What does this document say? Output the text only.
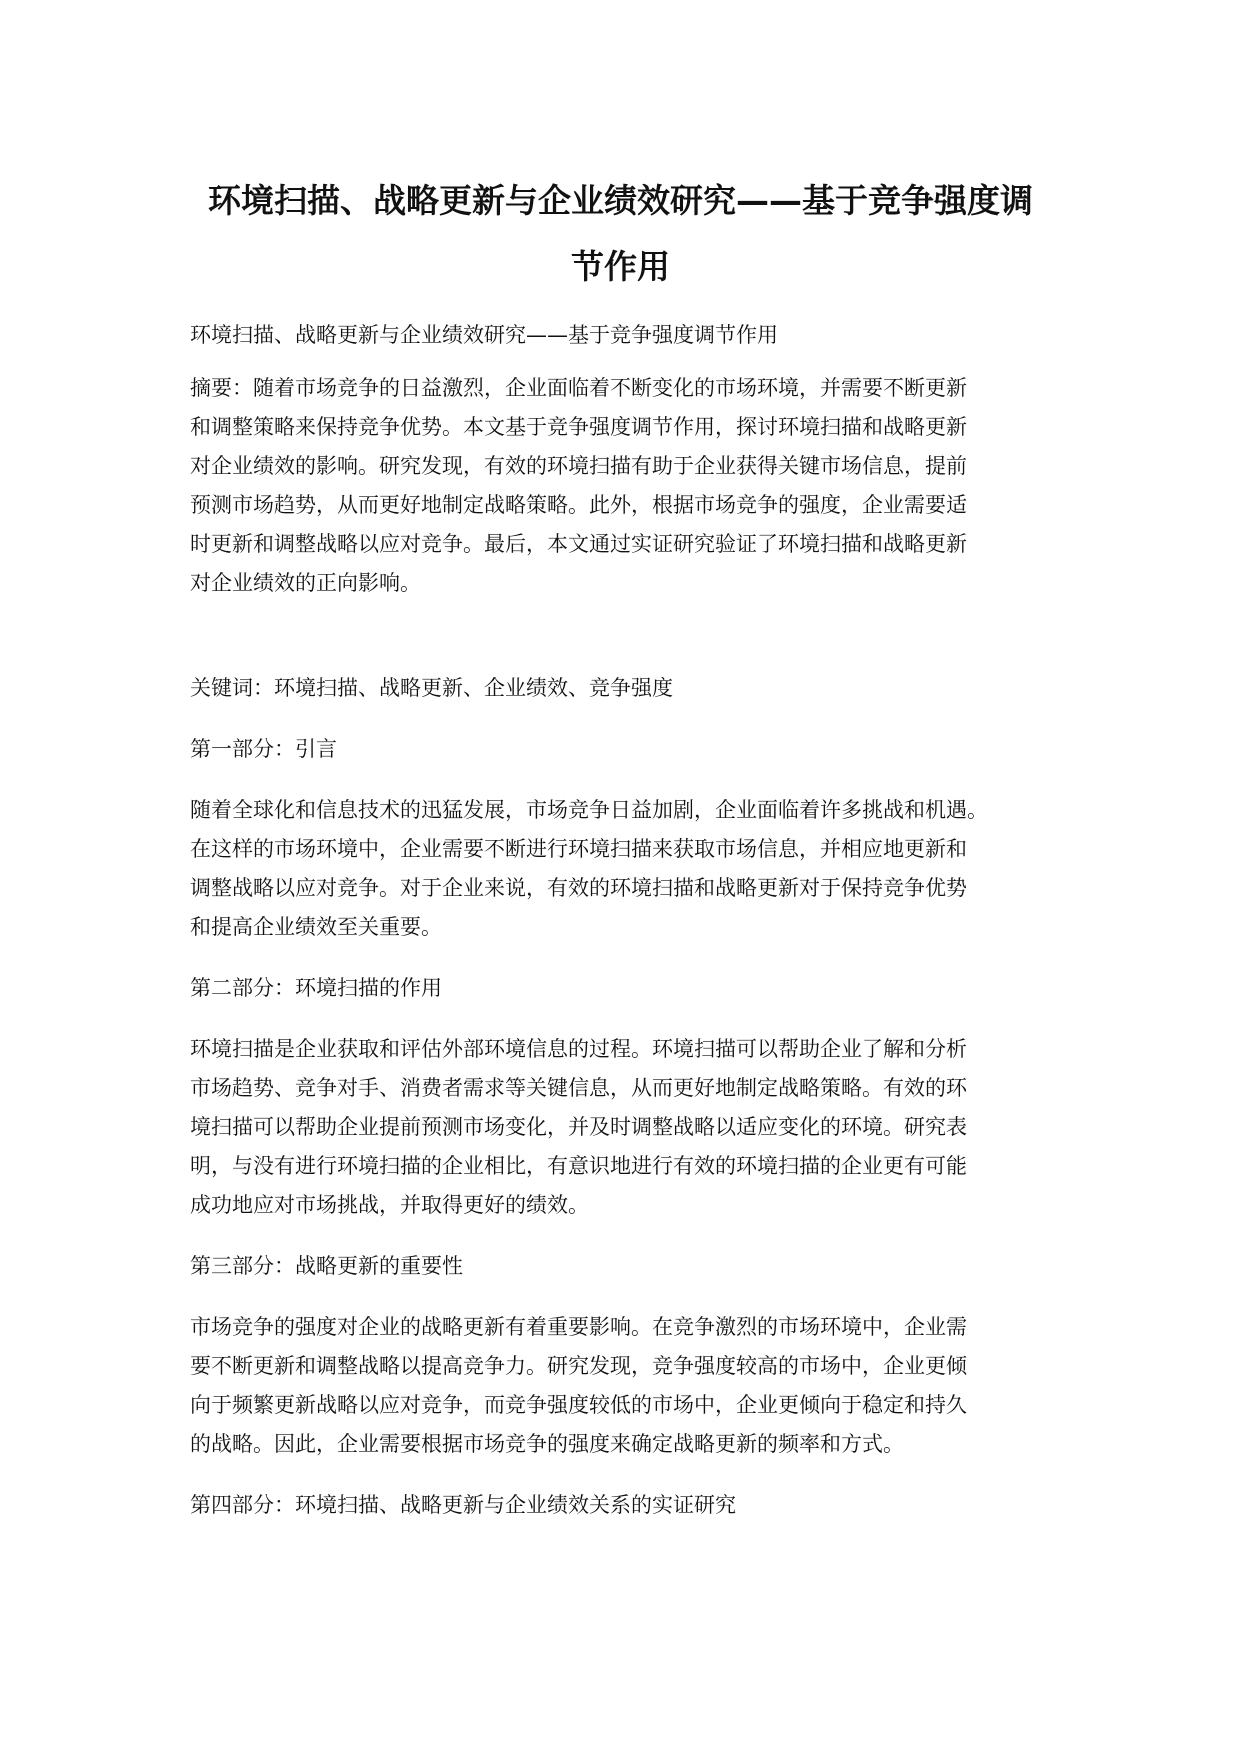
环境扫描、战略更新与企业绩效研究——基于竞争强度调
节作用
环境扫描、战略更新与企业绩效研究——基于竞争强度调节作用
摘要：随着市场竞争的日益激烈，企业面临着不断变化的市场环境，并需要不断更新
和调整策略来保持竞争优势。本文基于竞争强度调节作用，探讨环境扫描和战略更新
对企业绩效的影响。研究发现，有效的环境扫描有助于企业获得关键市场信息，提前
预测市场趋势，从而更好地制定战略策略。此外，根据市场竞争的强度，企业需要适
时更新和调整战略以应对竞争。最后，本文通过实证研究验证了环境扫描和战略更新
对企业绩效的正向影响。
关键词：环境扫描、战略更新、企业绩效、竞争强度
第一部分：引言
随着全球化和信息技术的迅猛发展，市场竞争日益加剧，企业面临着许多挑战和机遇。
在这样的市场环境中，企业需要不断进行环境扫描来获取市场信息，并相应地更新和
调整战略以应对竞争。对于企业来说，有效的环境扫描和战略更新对于保持竞争优势
和提高企业绩效至关重要。
第二部分：环境扫描的作用
环境扫描是企业获取和评估外部环境信息的过程。环境扫描可以帮助企业了解和分析
市场趋势、竞争对手、消费者需求等关键信息，从而更好地制定战略策略。有效的环
境扫描可以帮助企业提前预测市场变化，并及时调整战略以适应变化的环境。研究表
明，与没有进行环境扫描的企业相比，有意识地进行有效的环境扫描的企业更有可能
成功地应对市场挑战，并取得更好的绩效。
第三部分：战略更新的重要性
市场竞争的强度对企业的战略更新有着重要影响。在竞争激烈的市场环境中，企业需
要不断更新和调整战略以提高竞争力。研究发现，竞争强度较高的市场中，企业更倾
向于频繁更新战略以应对竞争，而竞争强度较低的市场中，企业更倾向于稳定和持久
的战略。因此，企业需要根据市场竞争的强度来确定战略更新的频率和方式。
第四部分：环境扫描、战略更新与企业绩效关系的实证研究
